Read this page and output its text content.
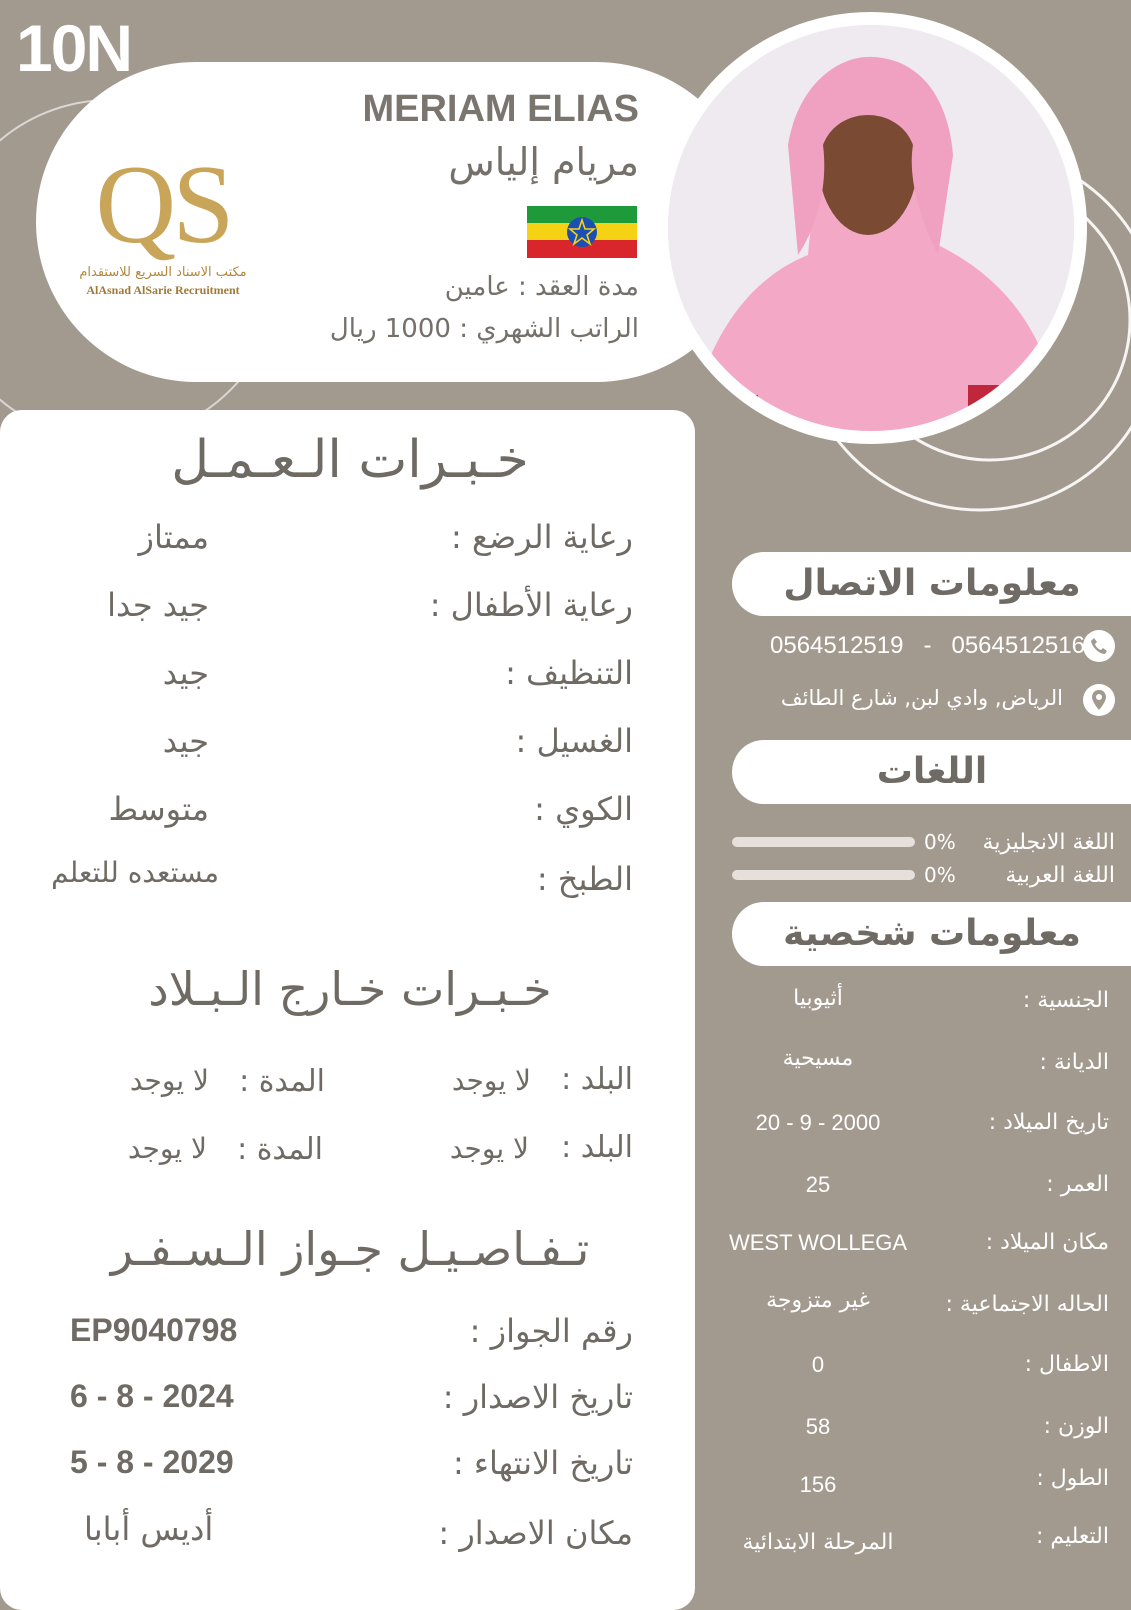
10N
QS
مكتب الاسناد السريع للاستقدام
AlAsnad AlSarie Recruitment
MERIAM ELIAS
مريام إلياس
مدة العقد : عامين
الراتب الشهري : 1000 ريال
خـبـرات الـعـمـل
رعاية الرضع :
ممتاز
رعاية الأطفال :
جيد جدا
التنظيف :
جيد
الغسيل :
جيد
الكوي :
متوسط
الطبخ :
مستعده للتعلم
خـبـرات خـارج الـبـلاد
البلد :
لا يوجد
المدة :
لا يوجد
البلد :
لا يوجد
المدة :
لا يوجد
تـفـاصـيـل جـواز الـسـفـر
رقم الجواز :
EP9040798
تاريخ الاصدار :
6 - 8 - 2024
تاريخ الانتهاء :
5 - 8 - 2029
مكان الاصدار :
أديس أبابا
معلومات الاتصال
0564512519   -   0564512516
الرياض, وادي لبن, شارع الطائف
اللغات
0% اللغة الانجليزية
0% اللغة العربية
معلومات شخصية
الجنسية :
أثيوبيا
الديانة :
مسيحية
تاريخ الميلاد :
20 - 9 - 2000
العمر :
25
مكان الميلاد :
WEST WOLLEGA
الحاله الاجتماعية :
غير متزوجة
الاطفال :
0
الوزن :
58
الطول :
156
التعليم :
المرحلة الابتدائية
